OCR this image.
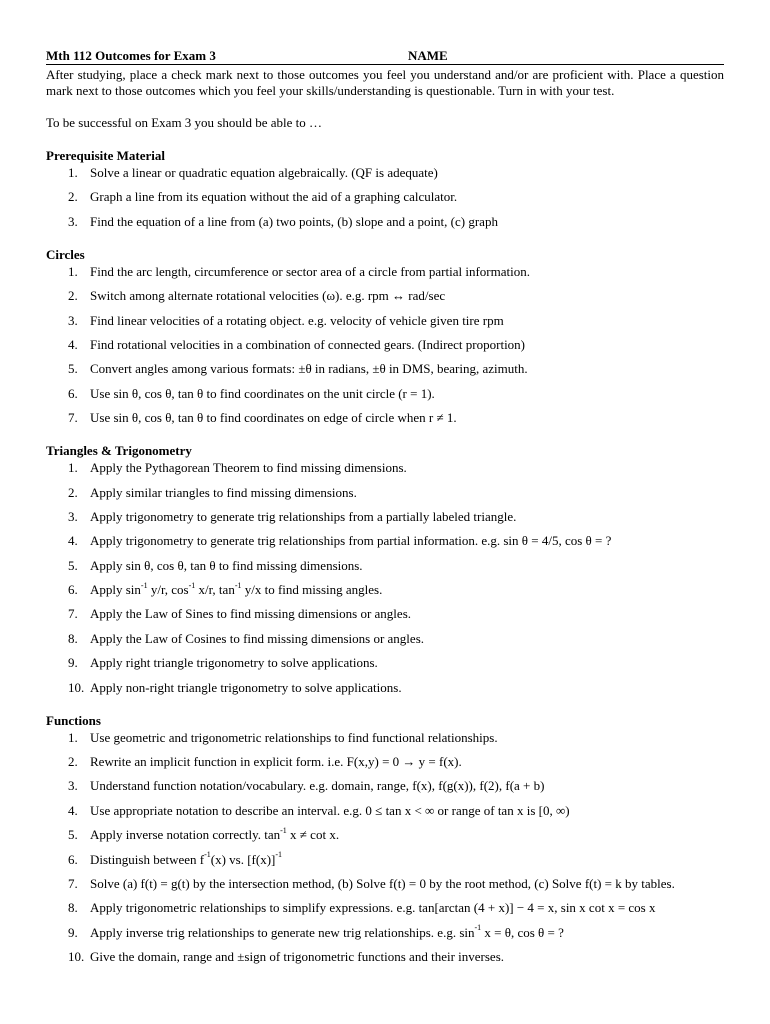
Mth 112 Outcomes for Exam 3	NAME
After studying, place a check mark next to those outcomes you feel you understand and/or are proficient with. Place a question mark next to those outcomes which you feel your skills/understanding is questionable. Turn in with your test.
To be successful on Exam 3 you should be able to …
Prerequisite Material
1. Solve a linear or quadratic equation algebraically. (QF is adequate)
2. Graph a line from its equation without the aid of a graphing calculator.
3. Find the equation of a line from (a) two points, (b) slope and a point, (c) graph
Circles
1. Find the arc length, circumference or sector area of a circle from partial information.
2. Switch among alternate rotational velocities (ω). e.g. rpm ↔ rad/sec
3. Find linear velocities of a rotating object. e.g. velocity of vehicle given tire rpm
4. Find rotational velocities in a combination of connected gears. (Indirect proportion)
5. Convert angles among various formats: ±θ in radians, ±θ in DMS, bearing, azimuth.
6. Use sin θ, cos θ, tan θ to find coordinates on the unit circle (r = 1).
7. Use sin θ, cos θ, tan θ to find coordinates on edge of circle when r ≠ 1.
Triangles & Trigonometry
1. Apply the Pythagorean Theorem to find missing dimensions.
2. Apply similar triangles to find missing dimensions.
3. Apply trigonometry to generate trig relationships from a partially labeled triangle.
4. Apply trigonometry to generate trig relationships from partial information. e.g. sin θ = 4/5, cos θ = ?
5. Apply sin θ, cos θ, tan θ to find missing dimensions.
6. Apply $\sin^{-1} y/r$, $\cos^{-1} x/r$, $\tan^{-1} y/x$ to find missing angles.
7. Apply the Law of Sines to find missing dimensions or angles.
8. Apply the Law of Cosines to find missing dimensions or angles.
9. Apply right triangle trigonometry to solve applications.
10. Apply non-right triangle trigonometry to solve applications.
Functions
1. Use geometric and trigonometric relationships to find functional relationships.
2. Rewrite an implicit function in explicit form. i.e. F(x,y) = 0 → y = f(x).
3. Understand function notation/vocabulary. e.g. domain, range, f(x), f(g(x)), f(2), f(a + b)
4. Use appropriate notation to describe an interval. e.g. 0 ≤ tan x < ∞ or range of tan x is [0, ∞)
5. Apply inverse notation correctly. $\tan^{-1} x \ne \cot x$.
6. Distinguish between $f^{-1}(x)$ vs. $[f(x)]^{-1}$
7. Solve (a) f(t) = g(t) by the intersection method, (b) Solve f(t) = 0 by the root method, (c) Solve f(t) = k by tables.
8. Apply trigonometric relationships to simplify expressions. e.g. tan[arctan (4 + x)] − 4 = x, sin x cot x = cos x
9. Apply inverse trig relationships to generate new trig relationships. e.g. $\sin^{-1} x = \theta$, cos θ = ?
10. Give the domain, range and ±sign of trigonometric functions and their inverses.
